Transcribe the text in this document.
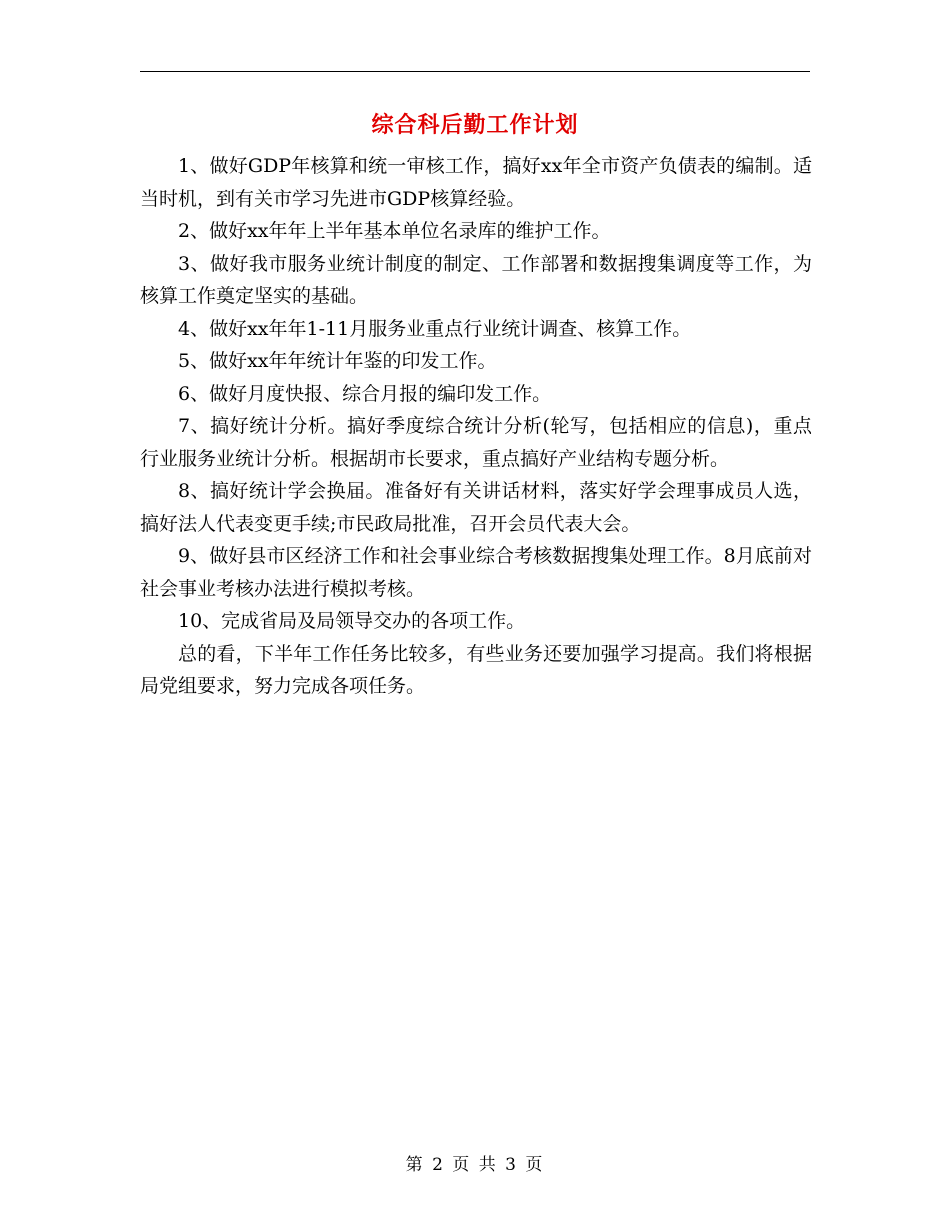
综合科后勤工作计划

1、做好GDP年核算和统一审核工作，搞好xx年全市资产负债表的编制。适当时机，到有关市学习先进市GDP核算经验。

2、做好xx年年上半年基本单位名录库的维护工作。

3、做好我市服务业统计制度的制定、工作部署和数据搜集调度等工作，为核算工作奠定坚实的基础。

4、做好xx年年1-11月服务业重点行业统计调查、核算工作。

5、做好xx年年统计年鉴的印发工作。

6、做好月度快报、综合月报的编印发工作。

7、搞好统计分析。搞好季度综合统计分析(轮写，包括相应的信息)，重点行业服务业统计分析。根据胡市长要求，重点搞好产业结构专题分析。

8、搞好统计学会换届。准备好有关讲话材料，落实好学会理事成员人选，搞好法人代表变更手续;市民政局批准，召开会员代表大会。

9、做好县市区经济工作和社会事业综合考核数据搜集处理工作。8月底前对社会事业考核办法进行模拟考核。

10、完成省局及局领导交办的各项工作。

总的看，下半年工作任务比较多，有些业务还要加强学习提高。我们将根据局党组要求，努力完成各项任务。

第 2 页 共 3 页
